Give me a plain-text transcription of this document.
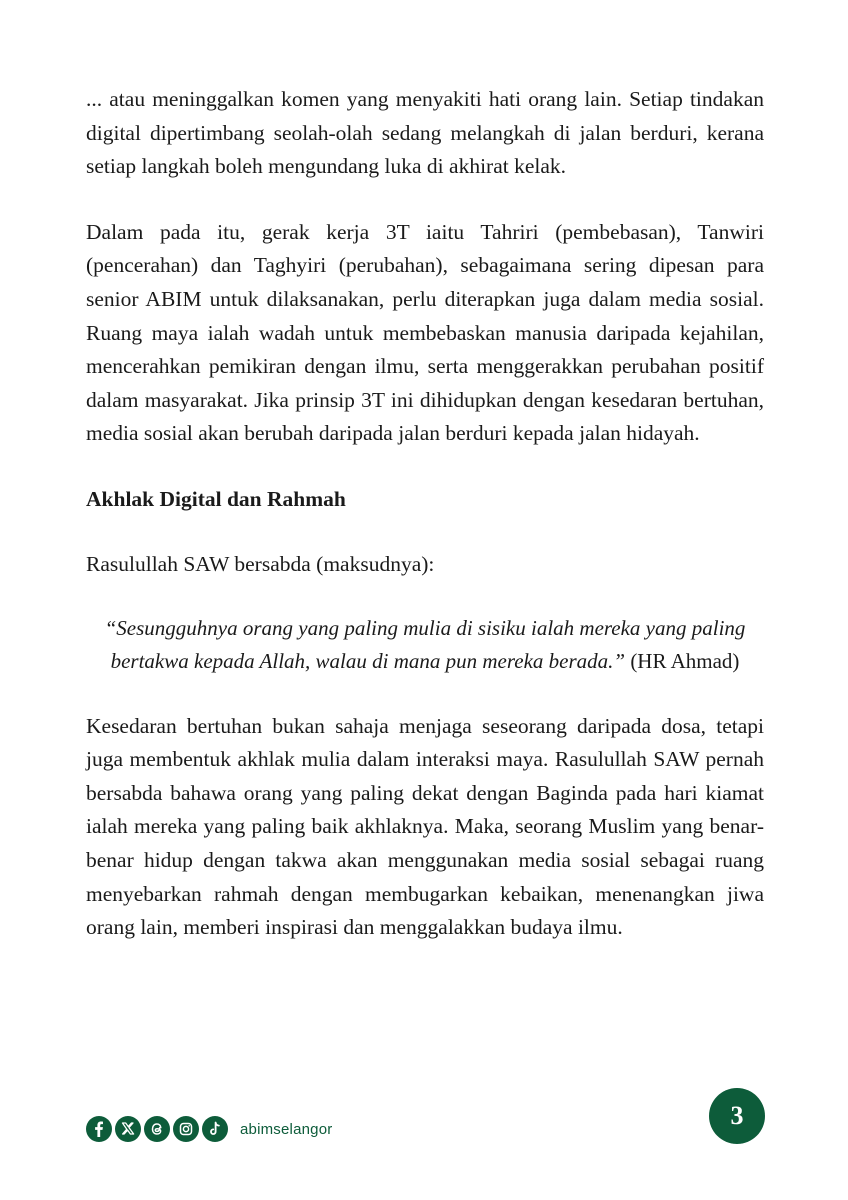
... atau meninggalkan komen yang menyakiti hati orang lain. Setiap tindakan digital dipertimbang seolah-olah sedang melangkah di jalan berduri, kerana setiap langkah boleh mengundang luka di akhirat kelak.

Dalam pada itu, gerak kerja 3T iaitu Tahriri (pembebasan), Tanwiri (pencerahan) dan Taghyiri (perubahan), sebagaimana sering dipesan para senior ABIM untuk dilaksanakan, perlu diterapkan juga dalam media sosial. Ruang maya ialah wadah untuk membebaskan manusia daripada kejahilan, mencerahkan pemikiran dengan ilmu, serta menggerakkan perubahan positif dalam masyarakat. Jika prinsip 3T ini dihidupkan dengan kesedaran bertuhan, media sosial akan berubah daripada jalan berduri kepada jalan hidayah.

Akhlak Digital dan Rahmah

Rasulullah SAW bersabda (maksudnya):

“Sesungguhnya orang yang paling mulia di sisiku ialah mereka yang paling bertakwa kepada Allah, walau di mana pun mereka berada.” (HR Ahmad)

Kesedaran bertuhan bukan sahaja menjaga seseorang daripada dosa, tetapi juga membentuk akhlak mulia dalam interaksi maya. Rasulullah SAW pernah bersabda bahawa orang yang paling dekat dengan Baginda pada hari kiamat ialah mereka yang paling baik akhlaknya. Maka, seorang Muslim yang benar-benar hidup dengan takwa akan menggunakan media sosial sebagai ruang menyebarkan rahmah dengan membugarkan kebaikan, menenangkan jiwa orang lain, memberi inspirasi dan menggalakkan budaya ilmu.

abimselangor	3
